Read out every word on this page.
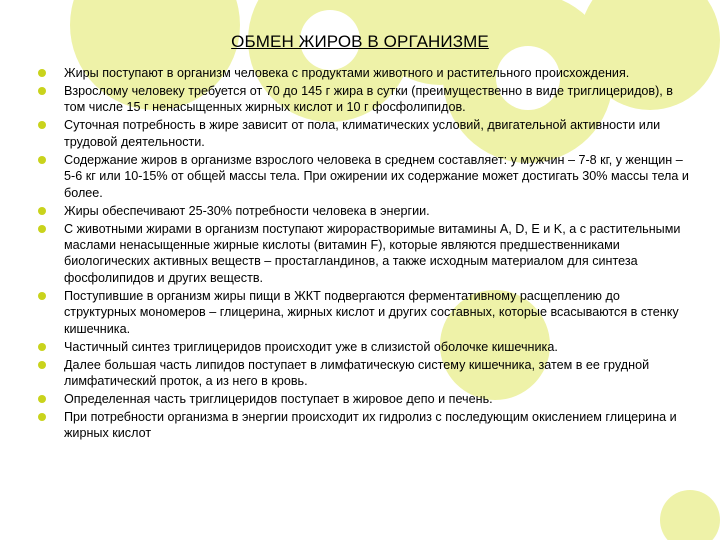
ОБМЕН ЖИРОВ В ОРГАНИЗМЕ
Жиры поступают в организм человека с продуктами животного и растительного происхождения.
Взрослому человеку требуется от 70 до 145 г жира в сутки (преимущественно в виде триглицеридов), в том числе 15 г ненасыщенных жирных кислот и 10 г фосфолипидов.
Суточная потребность в жире зависит от пола, климатических условий, двигательной активности или трудовой деятельности.
Содержание жиров в организме взрослого человека в среднем составляет: у мужчин – 7-8 кг, у женщин – 5-6 кг или 10-15% от общей массы тела. При ожирении их содержание может достигать 30% массы тела и более.
Жиры обеспечивают 25-30% потребности человека в энергии.
С животными жирами в организм поступают жирорастворимые витамины A, D, E и K, а с растительными маслами ненасыщенные жирные кислоты (витамин F), которые являются предшественниками биологических активных веществ – простагландинов, а также исходным материалом для синтеза фосфолипидов и других веществ.
Поступившие в организм жиры пищи в ЖКТ подвергаются ферментативному расщеплению до структурных мономеров – глицерина, жирных кислот и других составных, которые всасываются в стенку кишечника.
Частичный синтез триглицеридов происходит уже в слизистой оболочке кишечника.
Далее большая часть липидов поступает в лимфатическую систему кишечника, затем в ее грудной лимфатический проток, а из него в кровь.
Определенная часть триглицеридов поступает в жировое депо и печень.
При потребности организма в энергии происходит их гидролиз с последующим окислением глицерина и жирных кислот
